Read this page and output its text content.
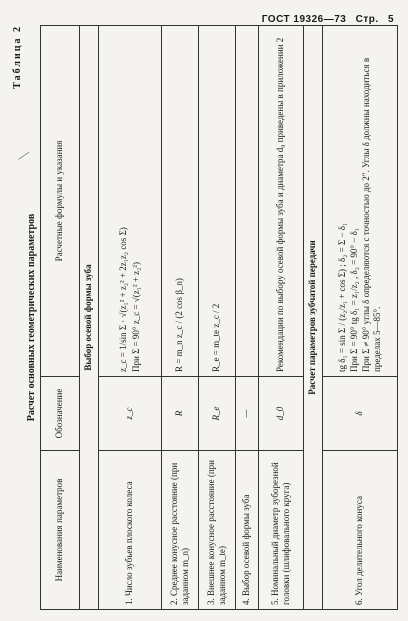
ГОСТ 19326—73 Стр. 5
⁄
Таблица 2
Расчет основных геометрических параметров
Наименования параметров	Обозначение	Расчетные формулы и указания
Выбор осевой формы зуба		
1. Число зубьев плоского колеса	z_c	z_c = 1/sin Σ · √(z₁² + z₂² + 2z₁z₂ cos Σ) При Σ = 90° z_c = √(z₁² + z₂²)

2. Среднее конусное расстояние (при заданном m_n)	R	R = m_n z_c / (2 cos β_n)

3. Внешнее конусное расстояние (при заданном m_te)	R_e	R_e = m_te z_c / 2

4. Выбор осевой формы зуба	—	
5. Номинальный диаметр зуборезной головки (шлифовального круга)	d_0	Рекомендации по выбору осевой формы зуба и диаметра d₀ приведены в приложении 2
Расчет параметров зубчатой передачи		
6. Угол делительного конуса	δ	tg δ₁ = sin Σ / (z₂/z₁ + cos Σ) ; δ₂ = Σ − δ₁ При Σ = 90° tg δ₁ = z₁/z₂ , δ₂ = 90° − δ₁ При Σ ≠ 90° углы δ определяются с точностью до 2″. Углы δ должны находиться в пределах 5—85°.
